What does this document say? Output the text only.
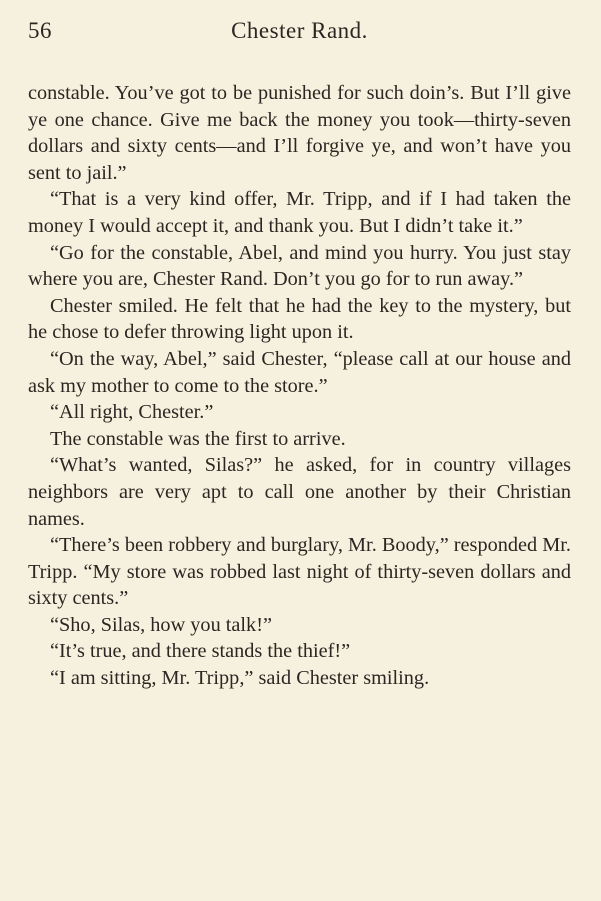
56	Chester Rand.

constable. You’ve got to be punished for such doin’s. But I’ll give ye one chance. Give me back the money you took—thirty-seven dollars and sixty cents—and I’ll forgive ye, and won’t have you sent to jail.”

“That is a very kind offer, Mr. Tripp, and if I had taken the money I would accept it, and thank you. But I didn’t take it.”

“Go for the constable, Abel, and mind you hurry. You just stay where you are, Chester Rand. Don’t you go for to run away.”

Chester smiled. He felt that he had the key to the mystery, but he chose to defer throwing light upon it.

“On the way, Abel,” said Chester, “please call at our house and ask my mother to come to the store.”

“All right, Chester.”

The constable was the first to arrive.

“What’s wanted, Silas?” he asked, for in country villages neighbors are very apt to call one another by their Christian names.

“There’s been robbery and burglary, Mr. Boody,” responded Mr. Tripp. “My store was robbed last night of thirty-seven dollars and sixty cents.”

“Sho, Silas, how you talk!”

“It’s true, and there stands the thief!”

“I am sitting, Mr. Tripp,” said Chester smiling.
